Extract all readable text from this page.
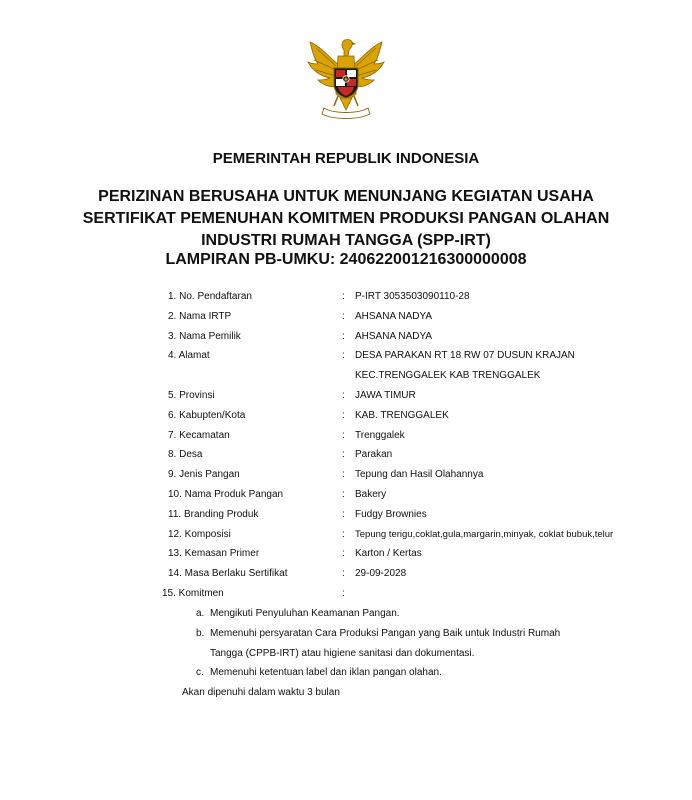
PEMERINTAH REPUBLIK INDONESIA
PERIZINAN BERUSAHA UNTUK MENUNJANG KEGIATAN USAHA
SERTIFIKAT PEMENUHAN KOMITMEN PRODUKSI PANGAN OLAHAN
INDUSTRI RUMAH TANGGA (SPP-IRT)
LAMPIRAN PB-UMKU: 240622001216300000008
1. No. Pendaftaran	: P-IRT 3053503090110-28
2. Nama IRTP	: AHSANA NADYA
3. Nama Pemilik	: AHSANA NADYA
4. Alamat	: DESA PARAKAN RT 18 RW 07 DUSUN KRAJAN
KEC.TRENGGALEK KAB TRENGGALEK
5. Provinsi	: JAWA TIMUR
6. Kabupten/Kota	: KAB. TRENGGALEK
7. Kecamatan	: Trenggalek
8. Desa	: Parakan
9. Jenis Pangan	: Tepung dan Hasil Olahannya
10. Nama Produk Pangan	: Bakery
11. Branding Produk	: Fudgy Brownies
12. Komposisi	: Tepung terigu,coklat,gula,margarin,minyak, coklat bubuk,telur
13. Kemasan Primer	: Karton / Kertas
14. Masa Berlaku Sertifikat	: 29-09-2028
15. Komitmen	:
a. Mengikuti Penyuluhan Keamanan Pangan.
b. Memenuhi persyaratan Cara Produksi Pangan yang Baik untuk Industri Rumah
Tangga (CPPB-IRT) atau higiene sanitasi dan dokumentasi.
c. Memenuhi ketentuan label dan iklan pangan olahan.
Akan dipenuhi dalam waktu 3 bulan
